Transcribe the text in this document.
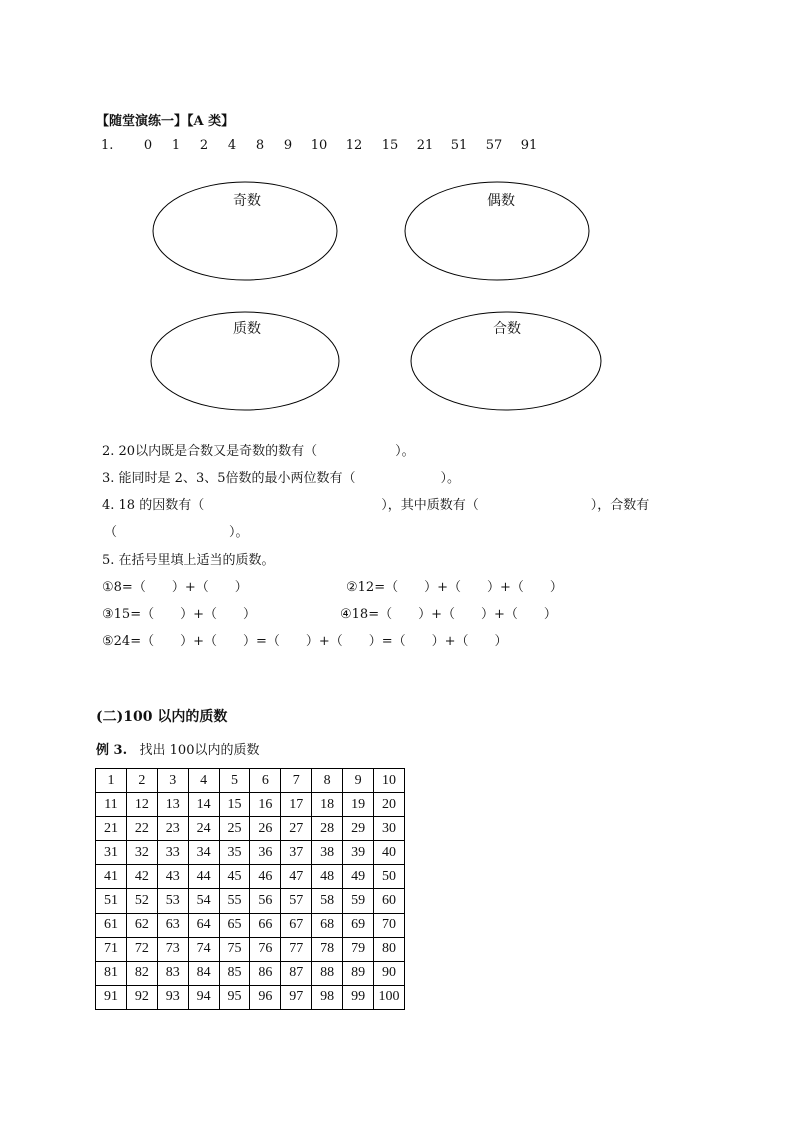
【随堂演练一】【A 类】
1. 0 1 2 4 8 9 10 12 15 21 51 57 91
奇数	偶数
质数	合数
2. 20以内既是合数又是奇数的数有（	）。
3. 能同时是 2、3、5倍数的最小两位数有（	）。
4. 18 的因数有（	），其中质数有（	），合数有
（	）。
5. 在括号里填上适当的质数。
①8=（　　）+（　　）	②12=（　　）+（　　）+（　　）
③15=（　　）+（　　）	④18=（　　）+（　　）+（　　）
⑤24=（　　）+（　　）=（　　）+（　　）=（　　）+（　　）
(二)100 以内的质数
例 3. 找出 100以内的质数
1	2	3	4	5	6	7	8	9	10
11	12	13	14	15	16	17	18	19	20
21	22	23	24	25	26	27	28	29	30
31	32	33	34	35	36	37	38	39	40
41	42	43	44	45	46	47	48	49	50
51	52	53	54	55	56	57	58	59	60
61	62	63	64	65	66	67	68	69	70
71	72	73	74	75	76	77	78	79	80
81	82	83	84	85	86	87	88	89	90
91	92	93	94	95	96	97	98	99	100
